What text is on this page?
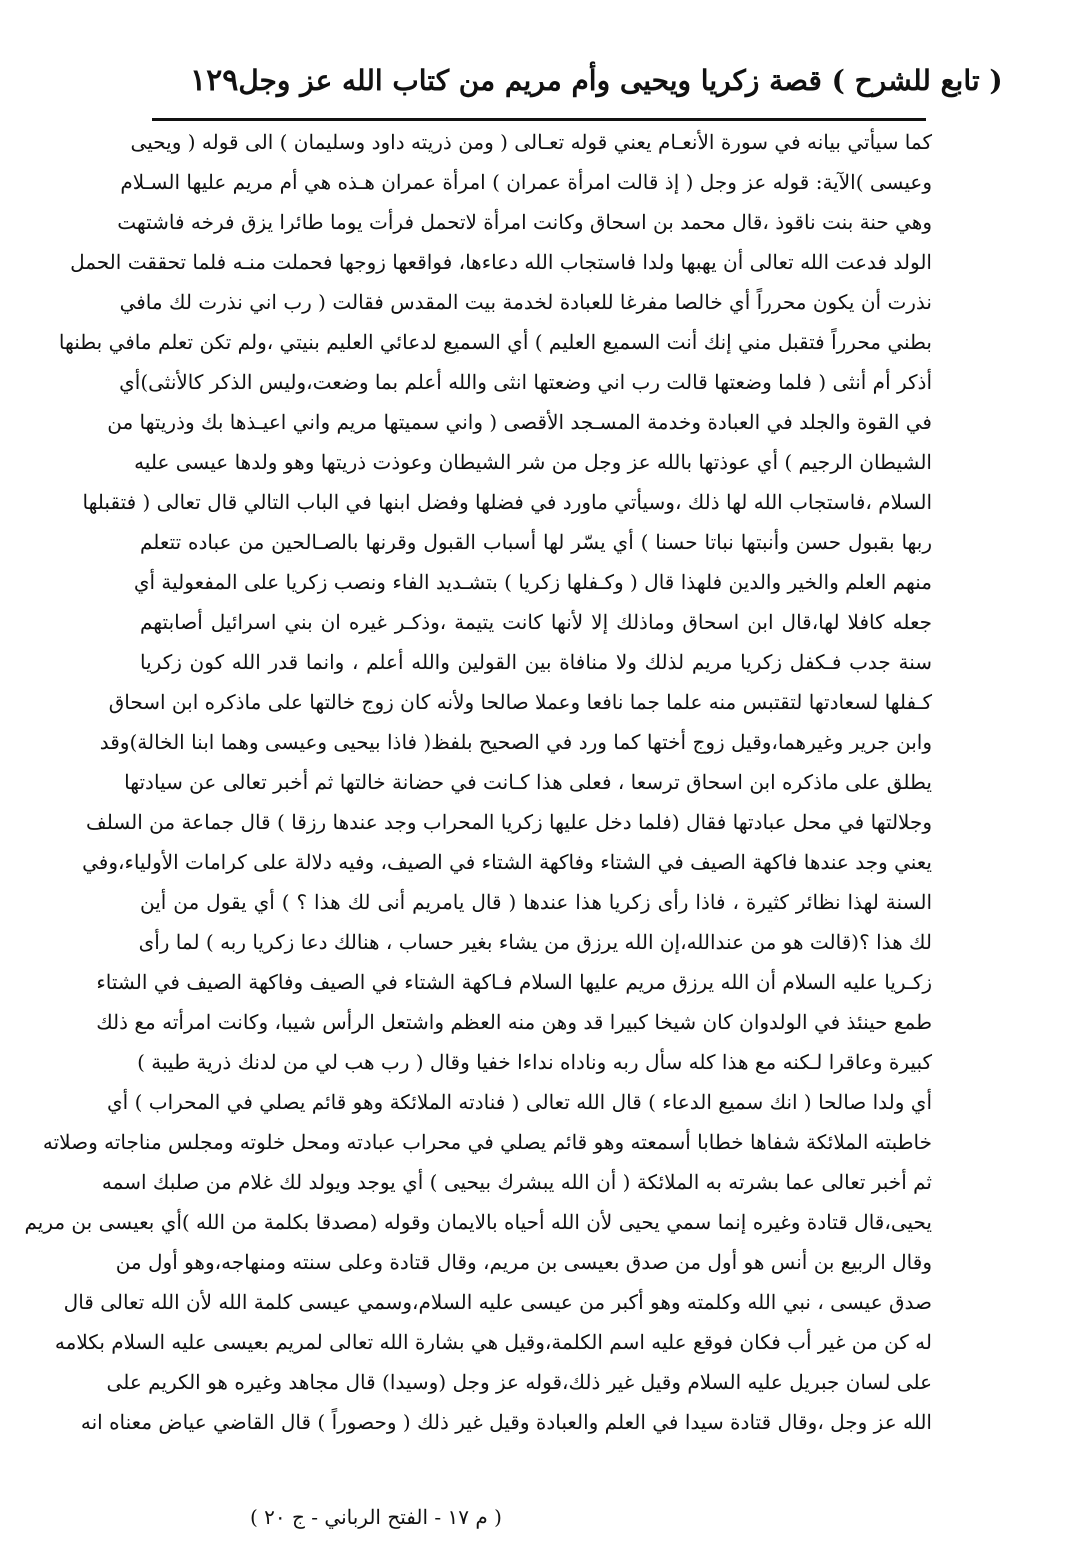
( تابع للشرح ) قصة زكريا ويحيى وأم مريم من كتاب الله عز وجل
١٢٩
كما سيأتي بيانه في سورة الأنعـام يعني قوله تعـالى ( ومن ذريته داود وسليمان ) الى قوله ( ويحيى
وعيسى )الآية: قوله عز وجل ( إذ قالت امرأة عمران ) امرأة عمران هـذه هي أم مريم عليها السـلام
وهي حنة بنت ناقوذ ،قال محمد بن اسحاق وكانت امرأة لاتحمل فرأت يوما طائرا يزق فرخه فاشتهت
الولد فدعت الله تعالى أن يهبها ولدا فاستجاب الله دعاءها، فواقعها زوجها فحملت منـه فلما تحققت الحمل
نذرت أن يكون محرراً أي خالصا مفرغا للعبادة لخدمة بيت المقدس فقالت ( رب اني نذرت لك مافي
بطني محرراً فتقبل مني إنك أنت السميع العليم ) أي السميع لدعائي العليم بنيتي ،ولم تكن تعلم مافي بطنها
أذكر أم أنثى ( فلما وضعتها قالت رب اني وضعتها انثى والله أعلم بما وضعت،وليس الذكر كالأنثى)أي
في القوة والجلد في العبادة وخدمة المسـجد الأقصى ( واني سميتها مريم واني اعيـذها بك وذريتها من
الشيطان الرجيم ) أي عوذتها بالله عز وجل من شر الشيطان وعوذت ذريتها وهو ولدها عيسى عليه
السلام ،فاستجاب الله لها ذلك ،وسيأتي ماورد في فضلها وفضل ابنها في الباب التالي قال تعالى ( فتقبلها
ربها بقبول حسن وأنبتها نباتا حسنا ) أي يسّر لها أسباب القبول وقرنها بالصـالحين من عباده تتعلم
منهم العلم والخير والدين فلهذا قال ( وكـفلها زكريا ) بتشـديد الفاء ونصب زكريا على المفعولية أي
جعله كافلا لها،قال ابن اسحاق وماذلك إلا لأنها كانت يتيمة ،وذكـر غيره ان بني اسرائيل أصابتهم
سنة جدب فـكفل زكريا مريم لذلك ولا منافاة بين القولين والله أعلم ، وانما قدر الله كون زكريا
كـفلها لسعادتها لتقتبس منه علما جما نافعا وعملا صالحا ولأنه كان زوج خالتها على ماذكره ابن اسحاق
وابن جرير وغيرهما،وقيل زوج أختها كما ورد في الصحيح بلفظ( فاذا بيحيى وعيسى وهما ابنا الخالة)وقد
يطلق على ماذكره ابن اسحاق ترسعا ، فعلى هذا كـانت في حضانة خالتها ثم أخبر تعالى عن سيادتها
وجلالتها في محل عبادتها فقال (فلما دخل عليها زكريا المحراب وجد عندها رزقا ) قال جماعة من السلف
يعني وجد عندها فاكهة الصيف في الشتاء وفاكهة الشتاء في الصيف، وفيه دلالة على كرامات الأولياء،وفي
السنة لهذا نظائر كثيرة ، فاذا رأى زكريا هذا عندها ( قال يامريم أنى لك هذا ؟ ) أي يقول من أين
لك هذا ؟(قالت هو من عندالله،إن الله يرزق من يشاء بغير حساب ، هنالك دعا زكريا ربه ) لما رأى
زكـريا عليه السلام أن الله يرزق مريم عليها السلام فـاكهة الشتاء في الصيف وفاكهة الصيف في الشتاء
طمع حينئذ في الولدوان كان شيخا كبيرا قد وهن منه العظم واشتعل الرأس شيبا، وكانت امرأته مع ذلك
كبيرة وعاقرا لـكنه مع هذا كله سأل ربه وناداه نداءا خفيا وقال ( رب هب لي من لدنك ذرية طيبة )
أي ولدا صالحا ( انك سميع الدعاء ) قال الله تعالى ( فنادته الملائكة وهو قائم يصلي في المحراب ) أي
خاطبته الملائكة شفاها خطابا أسمعته وهو قائم يصلي في محراب عبادته ومحل خلوته ومجلس مناجاته وصلاته
ثم أخبر تعالى عما بشرته به الملائكة ( أن الله يبشرك بيحيى ) أي يوجد ويولد لك غلام من صلبك اسمه
يحيى،قال قتادة وغيره إنما سمي يحيى لأن الله أحياه بالايمان وقوله (مصدقا بكلمة من الله )أي بعيسى بن مريم
وقال الربيع بن أنس هو أول من صدق بعيسى بن مريم، وقال قتادة وعلى سنته ومنهاجه،وهو أول من
صدق عيسى ، نبي الله وكلمته وهو أكبر من عيسى عليه السلام،وسمي عيسى كلمة الله لأن الله تعالى قال
له كن من غير أب فكان فوقع عليه اسم الكلمة،وقيل هي بشارة الله تعالى لمريم بعيسى عليه السلام بكلامه
على لسان جبريل عليه السلام وقيل غير ذلك،قوله عز وجل (وسيدا) قال مجاهد وغيره هو الكريم على
الله عز وجل ،وقال قتادة سيدا في العلم والعبادة وقيل غير ذلك ( وحصوراً ) قال القاضي عياض معناه انه
( م ١٧ - الفتح الرباني - ج ٢٠ )
